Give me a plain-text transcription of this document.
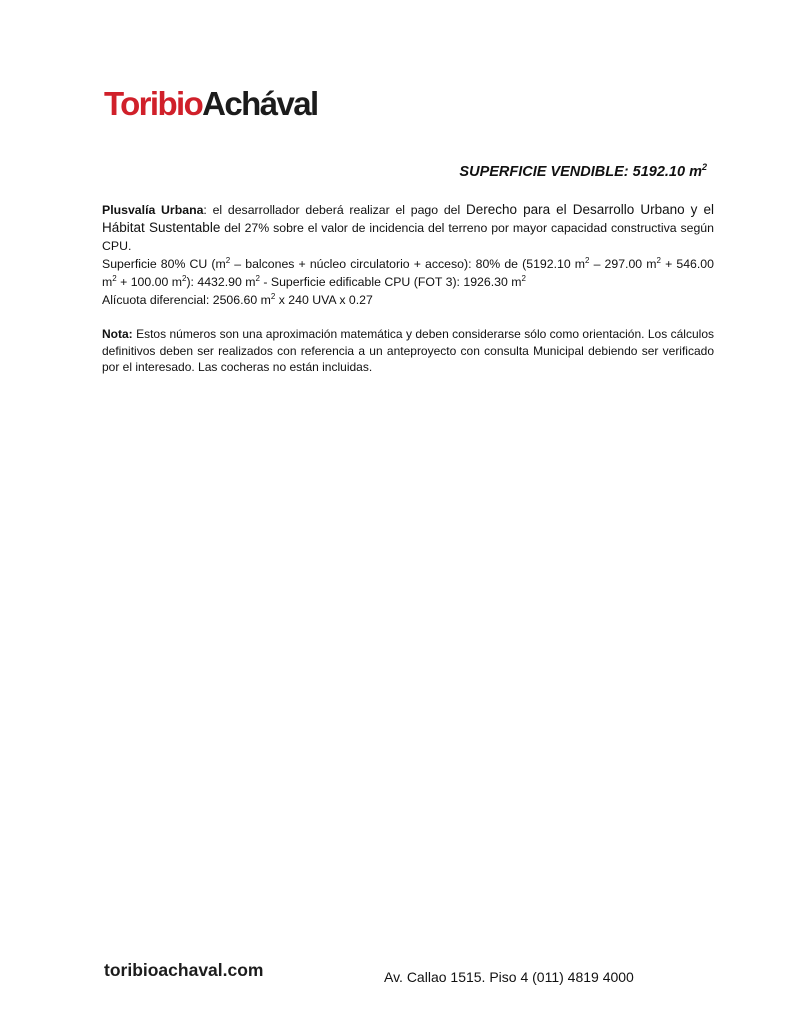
ToribioAchával
SUPERFICIE VENDIBLE: 5192.10 $m^2$
Plusvalía Urbana: el desarrollador deberá realizar el pago del Derecho para el Desarrollo Urbano y el Hábitat Sustentable del 27% sobre el valor de incidencia del terreno por mayor capacidad constructiva según CPU.
Superficie 80% CU ($m^2$ – balcones + núcleo circulatorio + acceso): 80% de (5192.10 $m^2 - 297.00$ $m^2 + 546.00$ $m^2 + 100.00$ $m^2$): 4432.90 $m^2$ - Superficie edificable CPU (FOT 3): 1926.30 $m^2$
Alícuota diferencial: 2506.60 $m^2$ x 240 UVA x 0.27
Nota: Estos números son una aproximación matemática y deben considerarse sólo como orientación. Los cálculos definitivos deben ser realizados con referencia a un anteproyecto con consulta Municipal debiendo ser verificado por el interesado. Las cocheras no están incluidas.
toribioachaval.com	Av. Callao 1515. Piso 4 (011) 4819 4000
